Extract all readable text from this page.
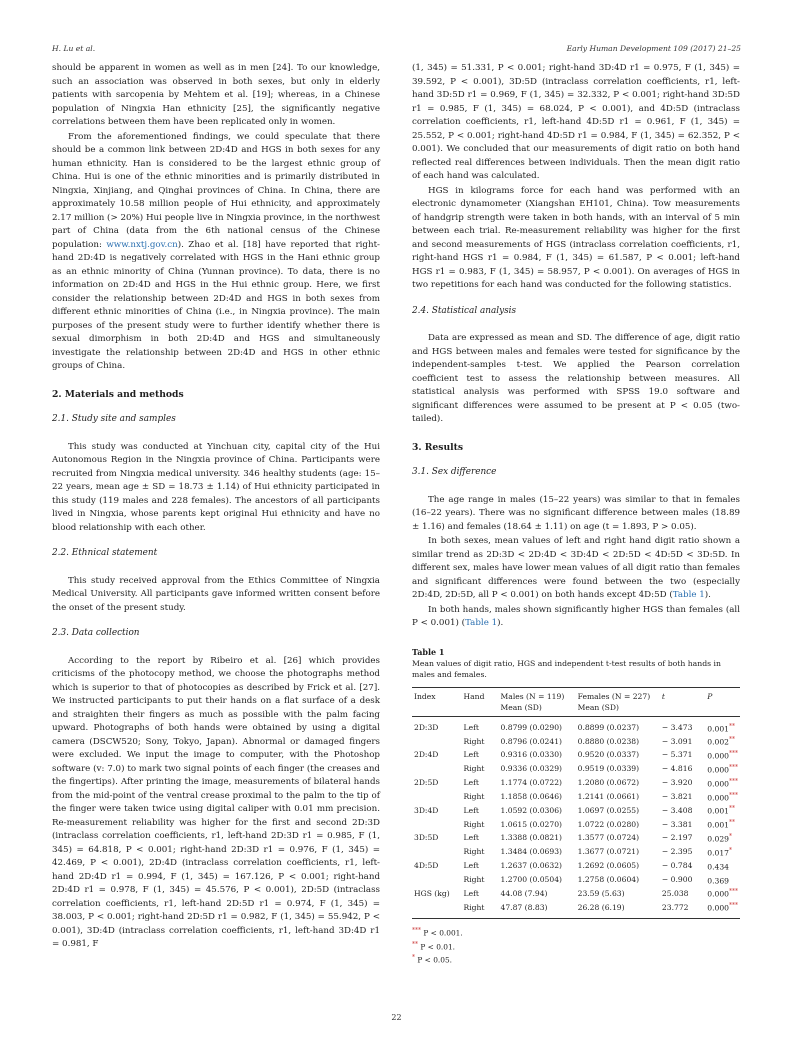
H. Lu et al.	Early Human Development 109 (2017) 21–25

should be apparent in women as well as in men [24]. To our knowledge, such an association was observed in both sexes, but only in elderly patients with sarcopenia by Mehtem et al. [19]; whereas, in a Chinese population of Ningxia Han ethnicity [25], the significantly negative correlations between them have been replicated only in women.

From the aforementioned findings, we could speculate that there should be a common link between 2D:4D and HGS in both sexes for any human ethnicity. Han is considered to be the largest ethnic group of China. Hui is one of the ethnic minorities and is primarily distributed in Ningxia, Xinjiang, and Qinghai provinces of China. In China, there are approximately 10.58 million people of Hui ethnicity, and approximately 2.17 million (> 20%) Hui people live in Ningxia province, in the northwest part of China (data from the 6th national census of the Chinese population: www.nxtj.gov.cn). Zhao et al. [18] have reported that right-hand 2D:4D is negatively correlated with HGS in the Hani ethnic group as an ethnic minority of China (Yunnan province). To data, there is no information on 2D:4D and HGS in the Hui ethnic group. Here, we first consider the relationship between 2D:4D and HGS in both sexes from different ethnic minorities of China (i.e., in Ningxia province). The main purposes of the present study were to further identify whether there is sexual dimorphism in both 2D:4D and HGS and simultaneously investigate the relationship between 2D:4D and HGS in other ethnic groups of China.

2. Materials and methods
2.1. Study site and samples

This study was conducted at Yinchuan city, capital city of the Hui Autonomous Region in the Ningxia province of China. Participants were recruited from Ningxia medical university. 346 healthy students (age: 15–22 years, mean age ± SD = 18.73 ± 1.14) of Hui ethnicity participated in this study (119 males and 228 females). The ancestors of all participants lived in Ningxia, whose parents kept original Hui ethnicity and have no blood relationship with each other.

2.2. Ethnical statement

This study received approval from the Ethics Committee of Ningxia Medical University. All participants gave informed written consent before the onset of the present study.

2.3. Data collection

According to the report by Ribeiro et al. [26] which provides criticisms of the photocopy method, we choose the photographs method which is superior to that of photocopies as described by Frick et al. [27]. We instructed participants to put their hands on a flat surface of a desk and straighten their fingers as much as possible with the palm facing upward. Photographs of both hands were obtained by using a digital camera (DSCW520; Sony, Tokyo, Japan). Abnormal or damaged fingers were excluded. We input the image to computer, with the Photoshop software (v: 7.0) to mark two signal points of each finger (the creases and the fingertips). After printing the image, measurements of bilateral hands from the mid-point of the ventral crease proximal to the palm to the tip of the finger were taken twice using digital caliper with 0.01 mm precision. Re-measurement reliability was higher for the first and second 2D:3D (intraclass correlation coefficients, r1, left-hand 2D:3D r1 = 0.985, F (1, 345) = 64.818, P < 0.001; right-hand 2D:3D r1 = 0.976, F (1, 345) = 42.469, P < 0.001), 2D:4D (intraclass correlation coefficients, r1, left-hand 2D:4D r1 = 0.994, F (1, 345) = 167.126, P < 0.001; right-hand 2D:4D r1 = 0.978, F (1, 345) = 45.576, P < 0.001), 2D:5D (intraclass correlation coefficients, r1, left-hand 2D:5D r1 = 0.974, F (1, 345) = 38.003, P < 0.001; right-hand 2D:5D r1 = 0.982, F (1, 345) = 55.942, P < 0.001), 3D:4D (intraclass correlation coefficients, r1, left-hand 3D:4D r1 = 0.981, F

(1, 345) = 51.331, P < 0.001; right-hand 3D:4D r1 = 0.975, F (1, 345) = 39.592, P < 0.001), 3D:5D (intraclass correlation coefficients, r1, left-hand 3D:5D r1 = 0.969, F (1, 345) = 32.332, P < 0.001; right-hand 3D:5D r1 = 0.985, F (1, 345) = 68.024, P < 0.001), and 4D:5D (intraclass correlation coefficients, r1, left-hand 4D:5D r1 = 0.961, F (1, 345) = 25.552, P < 0.001; right-hand 4D:5D r1 = 0.984, F (1, 345) = 62.352, P < 0.001). We concluded that our measurements of digit ratio on both hand reflected real differences between individuals. Then the mean digit ratio of each hand was calculated.

HGS in kilograms force for each hand was performed with an electronic dynamometer (Xiangshan EH101, China). Tow measurements of handgrip strength were taken in both hands, with an interval of 5 min between each trial. Re-measurement reliability was higher for the first and second measurements of HGS (intraclass correlation coefficients, r1, right-hand HGS r1 = 0.984, F (1, 345) = 61.587, P < 0.001; left-hand HGS r1 = 0.983, F (1, 345) = 58.957, P < 0.001). On averages of HGS in two repetitions for each hand was conducted for the following statistics.

2.4. Statistical analysis

Data are expressed as mean and SD. The difference of age, digit ratio and HGS between males and females were tested for significance by the independent-samples t-test. We applied the Pearson correlation coefficient test to assess the relationship between measures. All statistical analysis was performed with SPSS 19.0 software and significant differences were assumed to be present at P < 0.05 (two-tailed).

3. Results
3.1. Sex difference

The age range in males (15–22 years) was similar to that in females (16–22 years). There was no significant difference between males (18.89 ± 1.16) and females (18.64 ± 1.11) on age (t = 1.893, P > 0.05).

In both sexes, mean values of left and right hand digit ratio shown a similar trend as 2D:3D < 2D:4D < 3D:4D < 2D:5D < 4D:5D < 3D:5D. In different sex, males have lower mean values of all digit ratio than females and significant differences were found between the two (especially 2D:4D, 2D:5D, all P < 0.001) on both hands except 4D:5D (Table 1).

In both hands, males shown significantly higher HGS than females (all P < 0.001) (Table 1).

Table 1
Mean values of digit ratio, HGS and independent t-test results of both hands in males and females.
Index	Hand	Males (N = 119)
Mean (SD)	Females (N = 227)
Mean (SD)	t	P
2D:3D	Left	0.8799 (0.0290)	0.8899 (0.0237)	− 3.473	0.001**
	Right	0.8796 (0.0241)	0.8880 (0.0238)	− 3.091	0.002**
2D:4D	Left	0.9316 (0.0330)	0.9520 (0.0337)	− 5.371	0.000***
	Right	0.9336 (0.0329)	0.9519 (0.0339)	− 4.816	0.000***
2D:5D	Left	1.1774 (0.0722)	1.2080 (0.0672)	− 3.920	0.000***
	Right	1.1858 (0.0646)	1.2141 (0.0661)	− 3.821	0.000***
3D:4D	Left	1.0592 (0.0306)	1.0697 (0.0255)	− 3.408	0.001**
	Right	1.0615 (0.0270)	1.0722 (0.0280)	− 3.381	0.001**
3D:5D	Left	1.3388 (0.0821)	1.3577 (0.0724)	− 2.197	0.029*
	Right	1.3484 (0.0693)	1.3677 (0.0721)	− 2.395	0.017*
4D:5D	Left	1.2637 (0.0632)	1.2692 (0.0605)	− 0.784	0.434
	Right	1.2700 (0.0504)	1.2758 (0.0604)	− 0.900	0.369
HGS (kg)	Left	44.08 (7.94)	23.59 (5.63)	25.038	0.000***
	Right	47.87 (8.83)	26.28 (6.19)	23.772	0.000***
*** P < 0.001.
** P < 0.01.
* P < 0.05.
22
